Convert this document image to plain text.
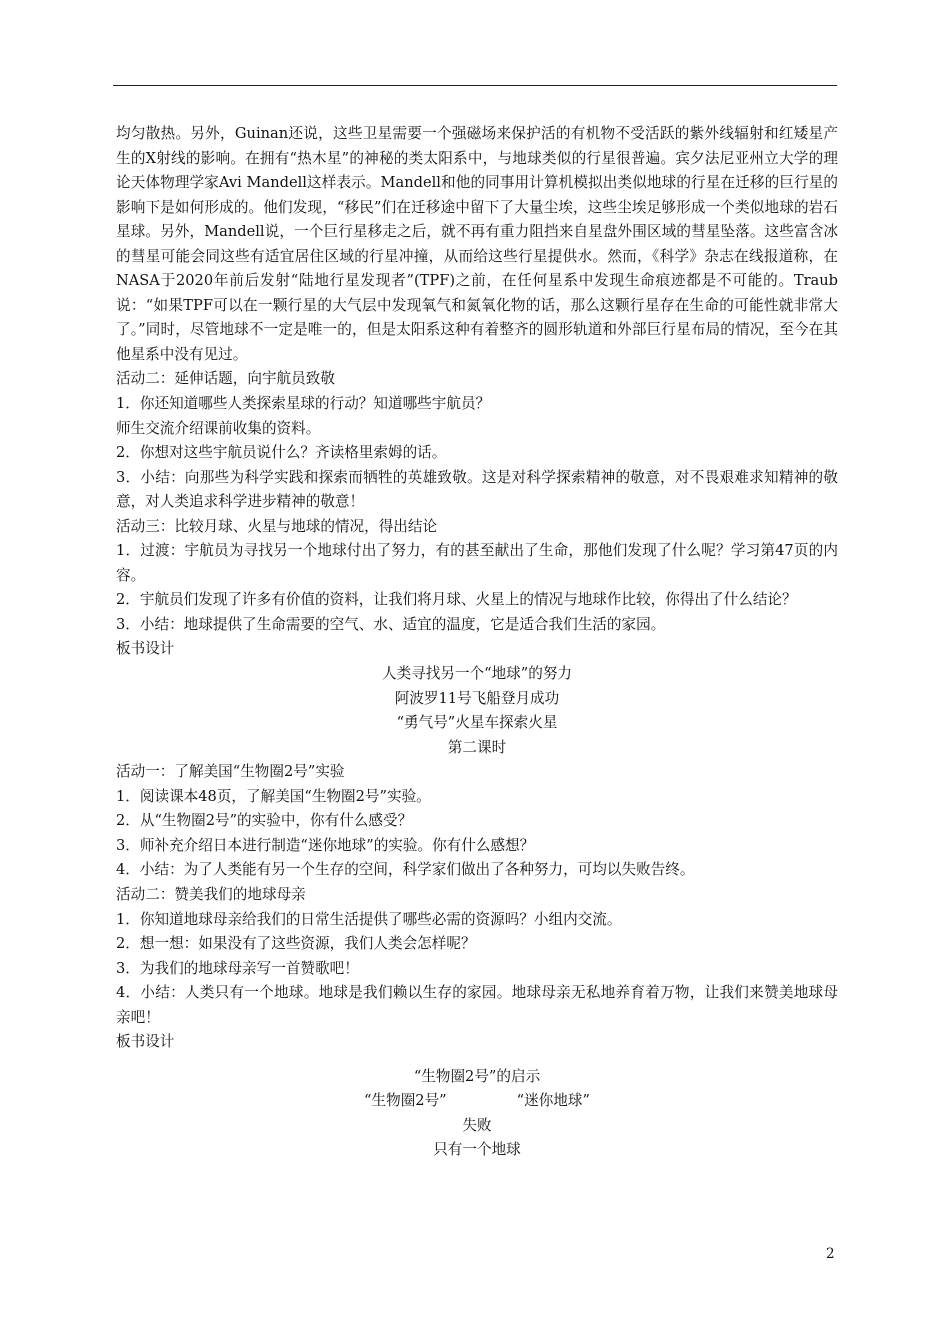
均匀散热。另外，Guinan还说，这些卫星需要一个强磁场来保护活的有机物不受活跃的紫外线辐射和红矮星产生的X射线的影响。在拥有“热木星”的神秘的类太阳系中，与地球类似的行星很普遍。宾夕法尼亚州立大学的理论天体物理学家Avi Mandell这样表示。Mandell和他的同事用计算机模拟出类似地球的行星在迁移的巨行星的影响下是如何形成的。他们发现，“移民”们在迁移途中留下了大量尘埃，这些尘埃足够形成一个类似地球的岩石星球。另外，Mandell说，一个巨行星移走之后，就不再有重力阻挡来自星盘外围区域的彗星坠落。这些富含冰的彗星可能会同这些有适宜居住区域的行星冲撞，从而给这些行星提供水。然而，《科学》杂志在线报道称，在NASA于2020年前后发射“陆地行星发现者”(TPF)之前，在任何星系中发现生命痕迹都是不可能的。Traub说：“如果TPF可以在一颗行星的大气层中发现氧气和氮氧化物的话，那么这颗行星存在生命的可能性就非常大了。”同时，尽管地球不一定是唯一的，但是太阳系这种有着整齐的圆形轨道和外部巨行星布局的情况，至今在其他星系中没有见过。

活动二：延伸话题，向宇航员致敬

1．你还知道哪些人类探索星球的行动？知道哪些宇航员？

师生交流介绍课前收集的资料。

2．你想对这些宇航员说什么？齐读格里索姆的话。

3．小结：向那些为科学实践和探索而牺牲的英雄致敬。这是对科学探索精神的敬意，对不畏艰难求知精神的敬意，对人类追求科学进步精神的敬意！

活动三：比较月球、火星与地球的情况，得出结论

1．过渡：宇航员为寻找另一个地球付出了努力，有的甚至献出了生命，那他们发现了什么呢？学习第47页的内容。

2．宇航员们发现了许多有价值的资料，让我们将月球、火星上的情况与地球作比较，你得出了什么结论？

3．小结：地球提供了生命需要的空气、水、适宜的温度，它是适合我们生活的家园。

板书设计

人类寻找另一个“地球”的努力

阿波罗11号飞船登月成功

“勇气号”火星车探索火星

第二课时

活动一：了解美国“生物圈2号”实验

1．阅读课本48页，了解美国“生物圈2号”实验。

2．从“生物圈2号”的实验中，你有什么感受？

3．师补充介绍日本进行制造“迷你地球”的实验。你有什么感想？

4．小结：为了人类能有另一个生存的空间，科学家们做出了各种努力，可均以失败告终。

活动二：赞美我们的地球母亲

1．你知道地球母亲给我们的日常生活提供了哪些必需的资源吗？小组内交流。

2．想一想：如果没有了这些资源，我们人类会怎样呢？

3．为我们的地球母亲写一首赞歌吧！

4．小结：人类只有一个地球。地球是我们赖以生存的家园。地球母亲无私地养育着万物，让我们来赞美地球母亲吧！

板书设计

“生物圈2号”的启示

“生物圈2号”	“迷你地球”

失败

只有一个地球

2
